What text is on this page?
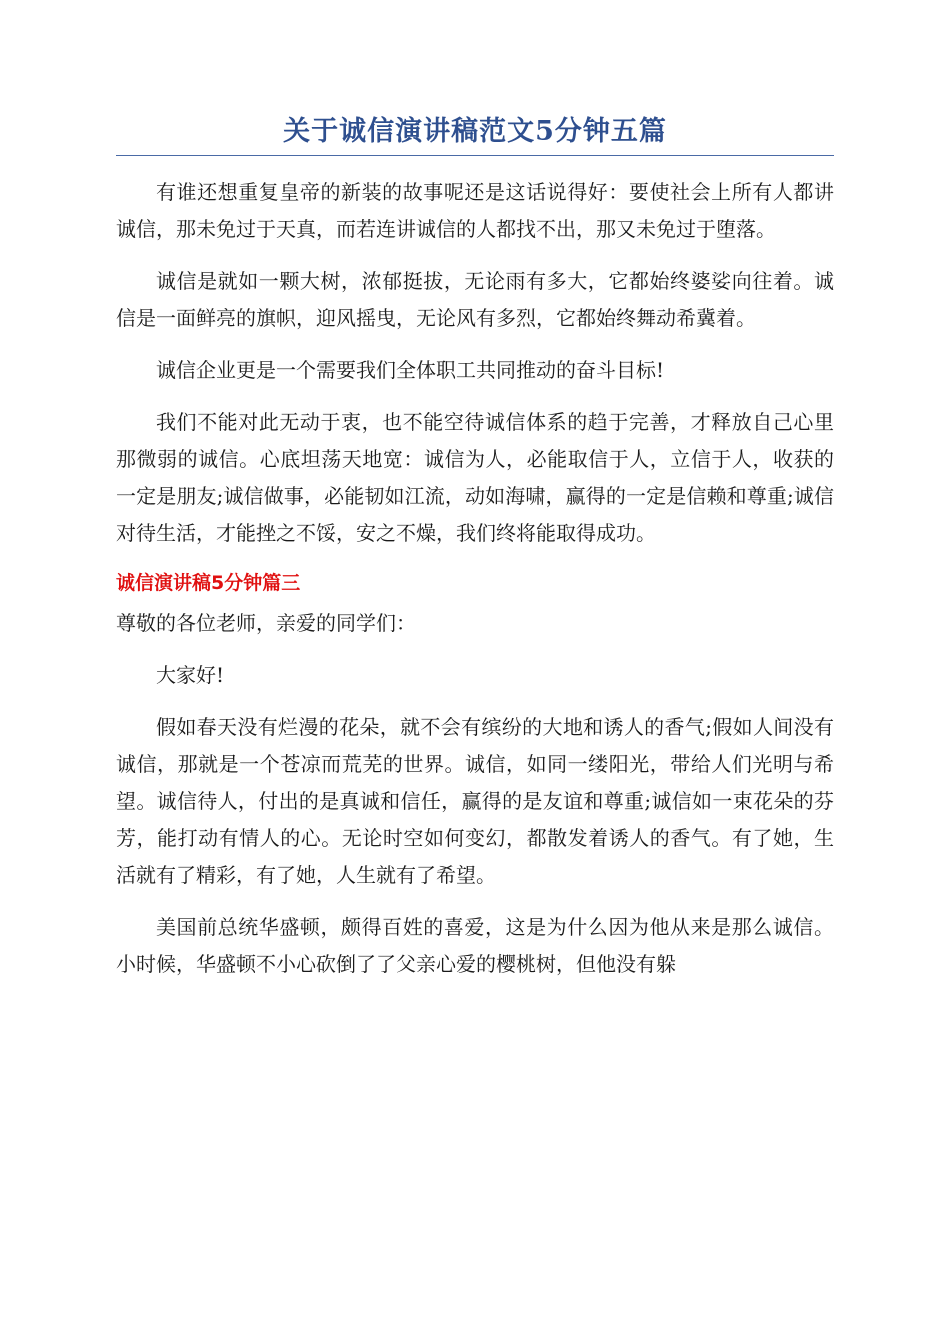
关于诚信演讲稿范文5分钟五篇

有谁还想重复皇帝的新装的故事呢还是这话说得好：要使社会上所有人都讲诚信，那未免过于天真，而若连讲诚信的人都找不出，那又未免过于堕落。

诚信是就如一颗大树，浓郁挺拔，无论雨有多大，它都始终婆娑向往着。诚信是一面鲜亮的旗帜，迎风摇曳，无论风有多烈，它都始终舞动希冀着。

诚信企业更是一个需要我们全体职工共同推动的奋斗目标!

我们不能对此无动于衷，也不能空待诚信体系的趋于完善，才释放自己心里那微弱的诚信。心底坦荡天地宽：诚信为人，必能取信于人，立信于人，收获的一定是朋友;诚信做事，必能韧如江流，动如海啸，赢得的一定是信赖和尊重;诚信对待生活，才能挫之不馁，安之不燥，我们终将能取得成功。

诚信演讲稿5分钟篇三

尊敬的各位老师，亲爱的同学们：

大家好!

假如春天没有烂漫的花朵，就不会有缤纷的大地和诱人的香气;假如人间没有诚信，那就是一个苍凉而荒芜的世界。诚信，如同一缕阳光，带给人们光明与希望。诚信待人，付出的是真诚和信任，赢得的是友谊和尊重;诚信如一束花朵的芬芳，能打动有情人的心。无论时空如何变幻，都散发着诱人的香气。有了她，生活就有了精彩，有了她，人生就有了希望。

美国前总统华盛顿，颇得百姓的喜爱，这是为什么因为他从来是那么诚信。小时候，华盛顿不小心砍倒了了父亲心爱的樱桃树，但他没有躲
